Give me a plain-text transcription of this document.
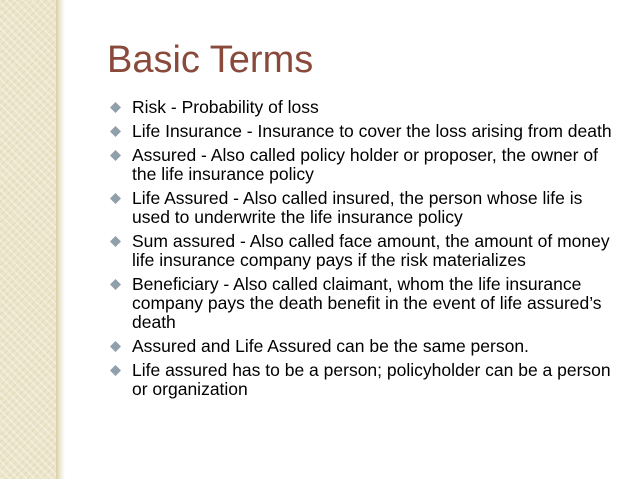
Basic Terms
Risk - Probability of loss
Life Insurance - Insurance to cover the loss arising from death
Assured - Also called policy holder or proposer, the owner of the life insurance policy
Life Assured - Also called insured, the person whose life is used to underwrite the life insurance policy
Sum assured - Also called face amount, the amount of money life insurance company pays if the risk materializes
Beneficiary - Also called claimant, whom the life insurance company pays the death benefit in the event of life assured’s death
Assured and Life Assured can be the same person.
Life assured has to be a person; policyholder can be a person or organization
